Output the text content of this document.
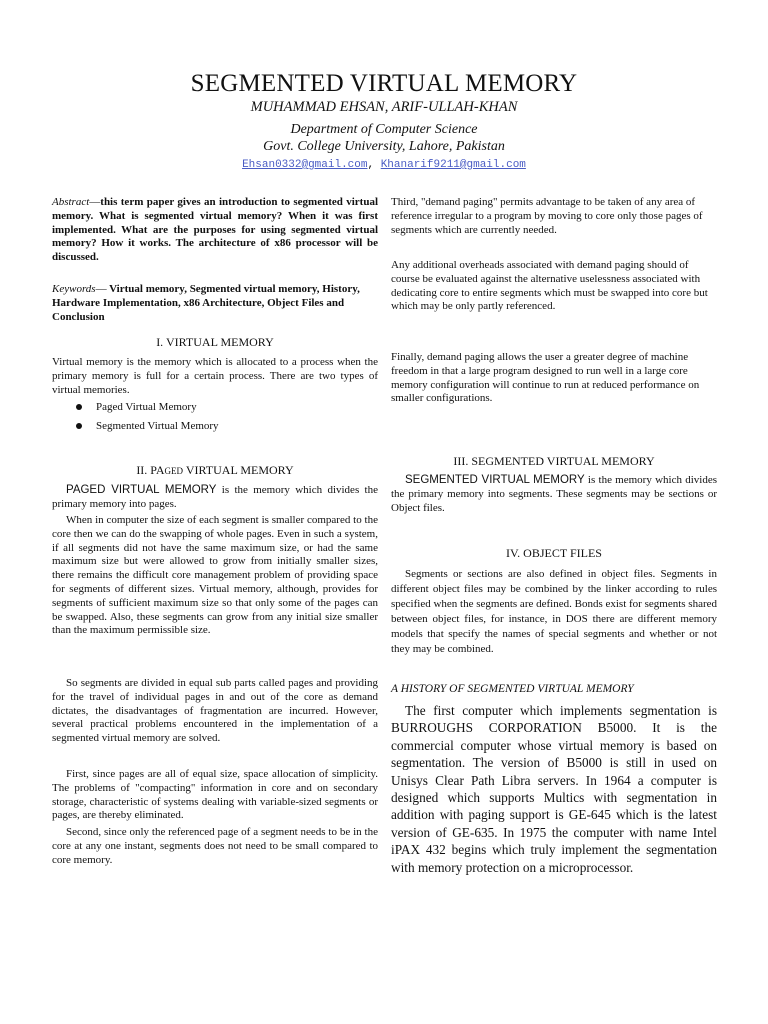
SEGMENTED VIRTUAL MEMORY
MUHAMMAD EHSAN, ARIF-ULLAH-KHAN
Department of Computer Science
Govt. College University, Lahore, Pakistan
Ehsan0332@gmail.com, Khanarif9211@gmail.com

Abstract—this term paper gives an introduction to segmented virtual memory. What is segmented virtual memory? When it was first implemented. What are the purposes for using segmented virtual memory? How it works. The architecture of x86 processor will be discussed.

Keywords— Virtual memory, Segmented virtual memory, History, Hardware Implementation, x86 Architecture, Object Files and Conclusion

I. VIRTUAL MEMORY

Virtual memory is the memory which is allocated to a process when the primary memory is full for a certain process. There are two types of virtual memories.

Paged Virtual Memory
Segmented Virtual Memory
II. PAGED VIRTUAL MEMORY

PAGED VIRTUAL MEMORY is the memory which divides the primary memory into pages.

When in computer the size of each segment is smaller compared to the core then we can do the swapping of whole pages. Even in such a system, if all segments did not have the same maximum size, or had the same maximum size but were allowed to grow from initially smaller sizes, there remains the difficult core management problem of providing space for segments of different sizes. Virtual memory, although, provides for segments of sufficient maximum size so that only some of the pages can be swapped. Also, these segments can grow from any initial size smaller than the maximum permissible size.

So segments are divided in equal sub parts called pages and providing for the travel of individual pages in and out of the core as demand dictates, the disadvantages of fragmentation are incurred. However, several practical problems encountered in the implementation of a segmented virtual memory are solved.

First, since pages are all of equal size, space allocation of simplicity. The problems of "compacting" information in core and on secondary storage, characteristic of systems dealing with variable-sized segments or pages, are thereby eliminated.

Second, since only the referenced page of a segment needs to be in the core at any one instant, segments does not need to be small compared to core memory.

Third, "demand paging" permits advantage to be taken of any area of reference irregular to a program by moving to core only those pages of segments which are currently needed.

Any additional overheads associated with demand paging should of course be evaluated against the alternative uselessness associated with dedicating core to entire segments which must be swapped into core but which may be only partly referenced.

Finally, demand paging allows the user a greater degree of machine freedom in that a large program designed to run well in a large core memory configuration will continue to run at reduced performance on smaller configurations.

III. SEGMENTED VIRTUAL MEMORY

SEGMENTED VIRTUAL MEMORY is the memory which divides the primary memory into segments. These segments may be sections or Object files.

IV. OBJECT FILES

Segments or sections are also defined in object files. Segments in different object files may be combined by the linker according to rules specified when the segments are defined. Bonds exist for segments shared between object files, for instance, in DOS there are different memory models that specify the names of special segments and whether or not they may be combined.

A HISTORY OF SEGMENTED VIRTUAL MEMORY

The first computer which implements segmentation is BURROUGHS CORPORATION B5000. It is the commercial computer whose virtual memory is based on segmentation. The version of B5000 is still in used on Unisys Clear Path Libra servers. In 1964 a computer is designed which supports Multics with segmentation in addition with paging support is GE-645 which is the latest version of GE-635. In 1975 the computer with name Intel iPAX 432 begins which truly implement the segmentation with memory protection on a microprocessor.
